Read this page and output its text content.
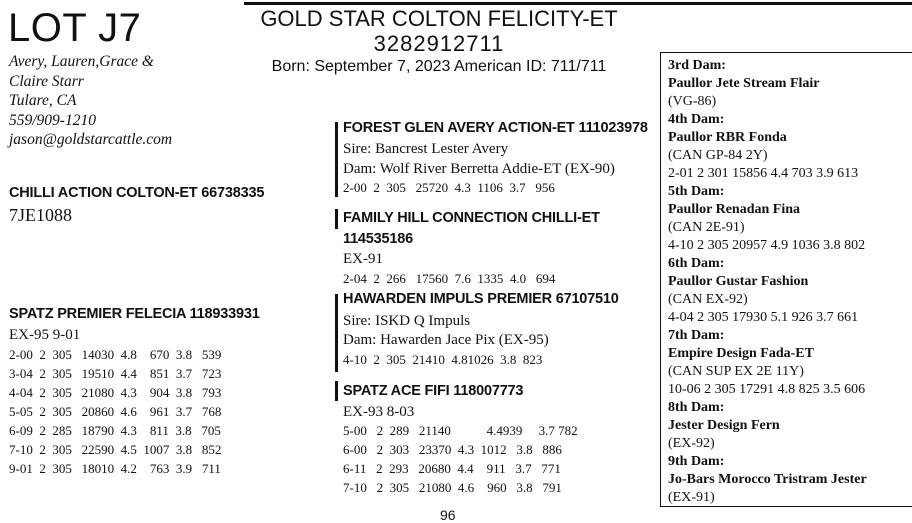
LOT J7
Avery, Lauren,Grace &
Claire Starr
Tulare, CA
559/909-1210
jason@goldstarcattle.com
GOLD STAR COLTON FELICITY-ET
3282912711
Born: September 7, 2023 American ID: 711/711
CHILLI ACTION COLTON-ET 66738335
7JE1088
SPATZ PREMIER FELECIA 118933931
EX-95 9-01
2-00  2  305   14030  4.8    670  3.8   539
3-04  2  305   19510  4.4    851  3.7   723
4-04  2  305   21080  4.3    904  3.8   793
5-05  2  305   20860  4.6    961  3.7   768
6-09  2  285   18790  4.3    811  3.8   705
7-10  2  305   22590  4.5  1007  3.8   852
9-01  2  305   18010  4.2    763  3.9   711
FOREST GLEN AVERY ACTION-ET 111023978
Sire: Bancrest Lester Avery
Dam: Wolf River Berretta Addie-ET (EX-90)
2-00  2  305   25720  4.3  1106  3.7   956
FAMILY HILL CONNECTION CHILLI-ET
114535186
EX-91
2-04  2  266   17560  7.6  1335  4.0   694
HAWARDEN IMPULS PREMIER 67107510
Sire: ISKD Q Impuls
Dam: Hawarden Jace Pix (EX-95)
4-10  2  305  21410  4.81026  3.8  823
SPATZ ACE FIFI 118007773
EX-93 8-03
5-00   2  289   21140           4.4939     3.7 782
6-00   2  303   23370  4.3  1012   3.8   886
6-11   2  293   20680  4.4    911   3.7   771
7-10   2  305   21080  4.6    960   3.8   791
3rd Dam:
Paullor Jete Stream Flair
(VG-86)
4th Dam:
Paullor RBR Fonda
(CAN GP-84 2Y)
2-01 2 301 15856 4.4 703 3.9 613
5th Dam:
Paullor Renadan Fina
(CAN 2E-91)
4-10 2 305 20957 4.9 1036 3.8 802
6th Dam:
Paullor Gustar Fashion
(CAN EX-92)
4-04 2 305 17930 5.1 926 3.7 661
7th Dam:
Empire Design Fada-ET
(CAN SUP EX 2E 11Y)
10-06 2 305 17291 4.8 825 3.5 606
8th Dam:
Jester Design Fern
(EX-92)
9th Dam:
Jo-Bars Morocco Tristram Jester
(EX-91)
96
